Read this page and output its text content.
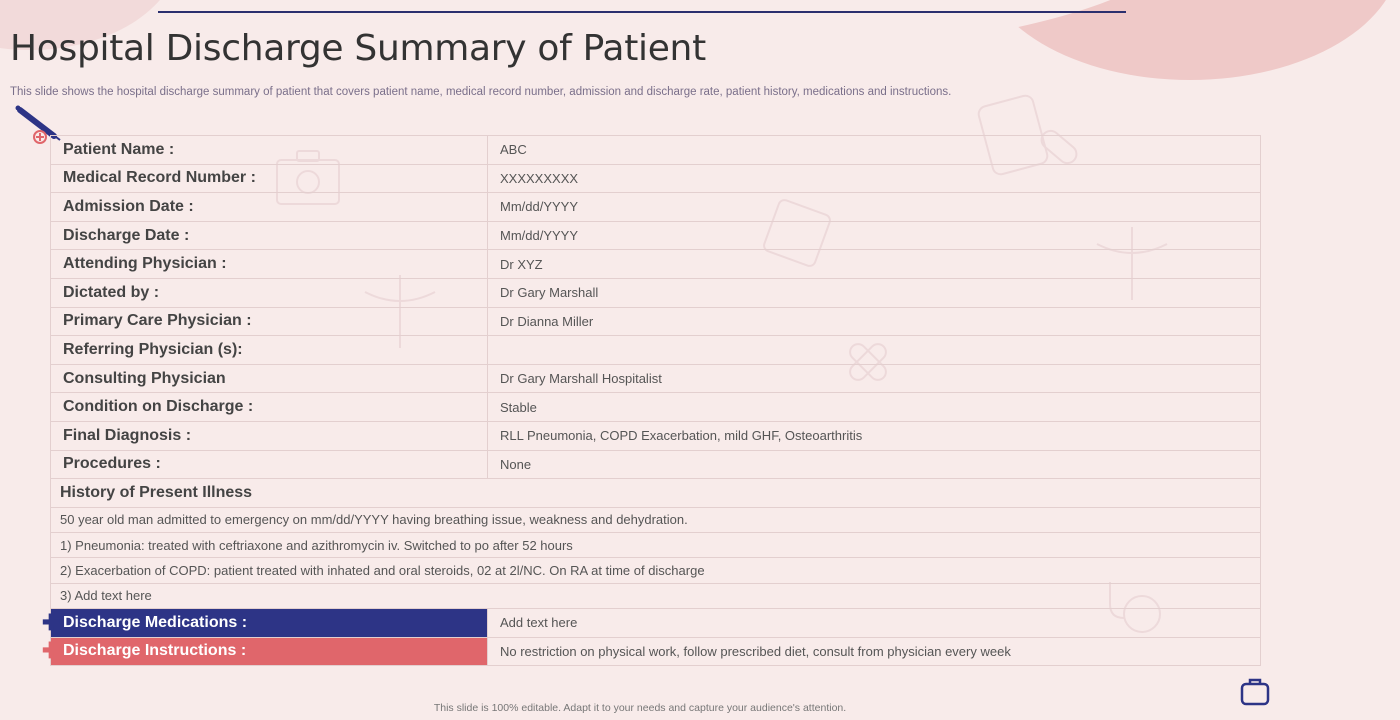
Hospital Discharge Summary of Patient
This slide shows the hospital discharge summary of patient that covers patient name, medical record number, admission and discharge rate, patient history, medications and instructions.
Patient Name :	ABC
Medical Record Number :	XXXXXXXXX
Admission Date :	Mm/dd/YYYY
Discharge Date :	Mm/dd/YYYY
Attending Physician :	Dr XYZ
Dictated by :	Dr Gary Marshall
Primary Care Physician :	Dr Dianna Miller
Referring Physician (s):	
Consulting Physician	Dr Gary Marshall Hospitalist
Condition on Discharge :	Stable
Final Diagnosis :	RLL Pneumonia, COPD Exacerbation, mild GHF, Osteoarthritis
Procedures :	None
History of Present Illness	
50 year old man admitted to emergency on mm/dd/YYYY having breathing issue, weakness and dehydration.	
1) Pneumonia: treated with ceftriaxone and azithromycin iv. Switched to po after 52 hours	
2) Exacerbation of COPD: patient treated with inhated and oral steroids, 02 at 2l/NC. On RA at time of discharge	
3) Add text here	

✚ Discharge Medications :	Add text here

✚ Discharge Instructions :	No restriction on physical work, follow prescribed diet, consult from physician every week
This slide is 100% editable. Adapt it to your needs and capture your audience's attention.
